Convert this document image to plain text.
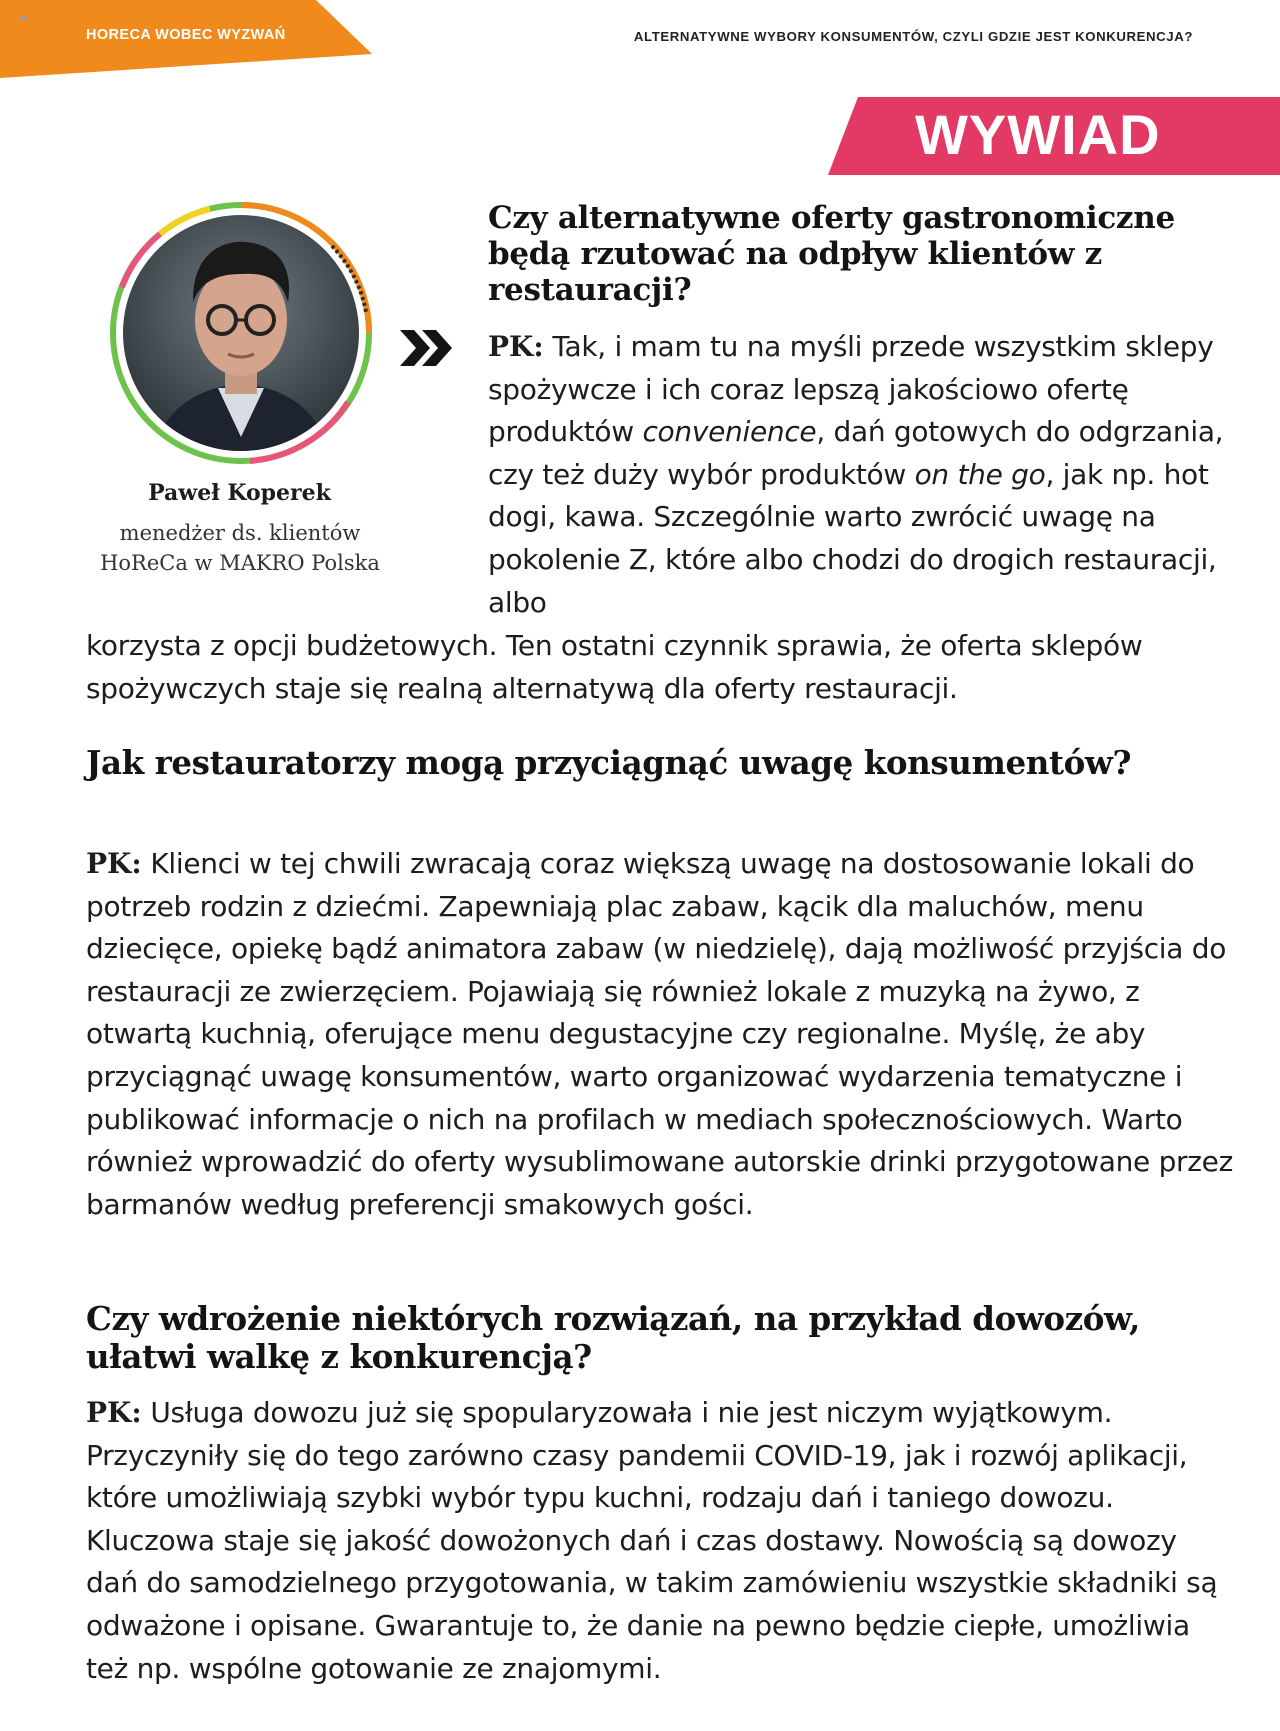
HORECA WOBEC WYZWAŃ	ALTERNATYWNE WYBORY KONSUMENTÓW, CZYLI GDZIE JEST KONKURENCJA?
WYWIAD
Paweł Koperek
menedżer ds. klientów
HoReCa w MAKRO Polska
Czy alternatywne oferty gastronomiczne będą rzutować na odpływ klientów z restauracji?

PK: Tak, i mam tu na myśli przede wszystkim sklepy spożywcze i ich coraz lepszą jakościowo ofertę produktów convenience, dań gotowych do odgrzania, czy też duży wybór produktów on the go, jak np. hot dogi, kawa. Szczególnie warto zwrócić uwagę na pokolenie Z, które albo chodzi do drogich restauracji, albo

korzysta z opcji budżetowych. Ten ostatni czynnik sprawia, że oferta sklepów spożywczych staje się realną alternatywą dla oferty restauracji.

Jak restauratorzy mogą przyciągnąć uwagę konsumentów?

PK: Klienci w tej chwili zwracają coraz większą uwagę na dostosowanie lokali do potrzeb rodzin z dziećmi. Zapewniają plac zabaw, kącik dla maluchów, menu dziecięce, opiekę bądź animatora zabaw (w niedzielę), dają możliwość przyjścia do restauracji ze zwierzęciem. Pojawiają się również lokale z muzyką na żywo, z otwartą kuchnią, oferujące menu degustacyjne czy regionalne. Myślę, że aby przyciągnąć uwagę konsumentów, warto organizować wydarzenia tematyczne i publikować informacje o nich na profilach w mediach społecznościowych. Warto również wprowadzić do oferty wysublimowane autorskie drinki przygotowane przez barmanów według preferencji smakowych gości.

Czy wdrożenie niektórych rozwiązań, na przykład dowozów, ułatwi walkę z konkurencją?

PK: Usługa dowozu już się spopularyzowała i nie jest niczym wyjątkowym. Przyczyniły się do tego zarówno czasy pandemii COVID-19, jak i rozwój aplikacji, które umożliwiają szybki wybór typu kuchni, rodzaju dań i taniego dowozu. Kluczowa staje się jakość dowożonych dań i czas dostawy. Nowością są dowozy dań do samodzielnego przygotowania, w takim zamówieniu wszystkie składniki są odważone i opisane. Gwarantuje to, że danie na pewno będzie ciepłe, umożliwia też np. wspólne gotowanie ze znajomymi.
